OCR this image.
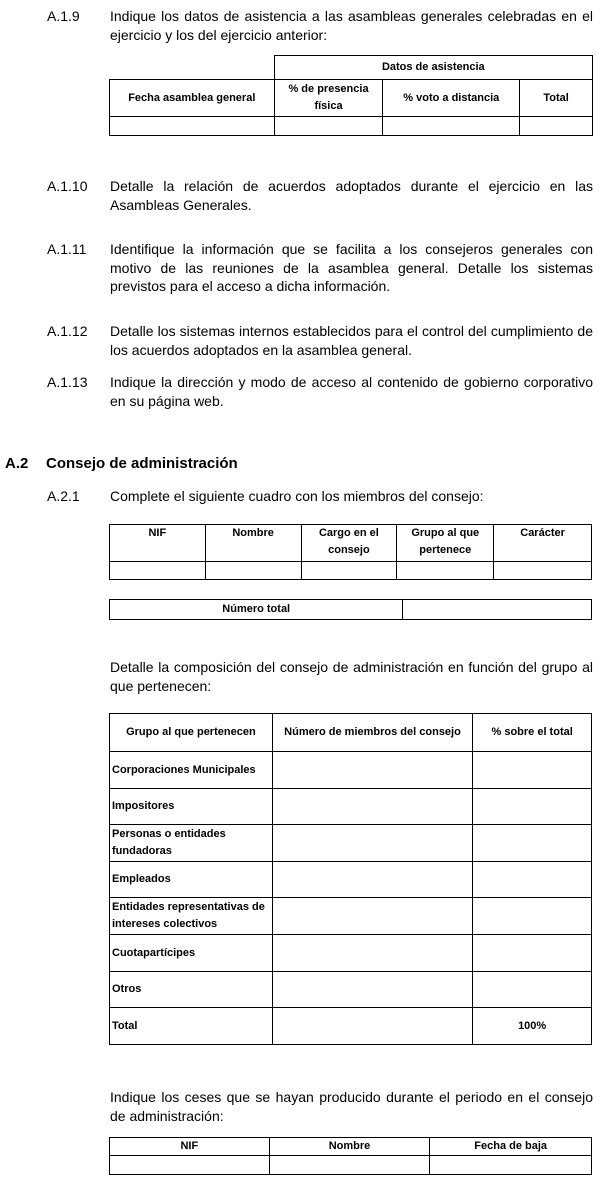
A.1.9 Indique los datos de asistencia a las asambleas generales celebradas en el ejercicio y los del ejercicio anterior:
	Datos de asistencia		
Fecha asamblea general	% de presencia física	% voto a distancia	Total

A.1.10 Detalle la relación de acuerdos adoptados durante el ejercicio en las Asambleas Generales.
A.1.11 Identifique la información que se facilita a los consejeros generales con motivo de las reuniones de la asamblea general. Detalle los sistemas previstos para el acceso a dicha información.
A.1.12 Detalle los sistemas internos establecidos para el control del cumplimiento de los acuerdos adoptados en la asamblea general.
A.1.13 Indique la dirección y modo de acceso al contenido de gobierno corporativo en su página web.
A.2 Consejo de administración
A.2.1 Complete el siguiente cuadro con los miembros del consejo:
NIF	Nombre	Cargo en el consejo	Grupo al que pertenece	Carácter

Número total	
Detalle la composición del consejo de administración en función del grupo al que pertenecen:
Grupo al que pertenecen	Número de miembros del consejo	% sobre el total
Corporaciones Municipales		
Impositores		
Personas o entidades fundadoras		
Empleados		
Entidades representativas de intereses colectivos		
Cuotapartícipes		
Otros		
Total		100%
Indique los ceses que se hayan producido durante el periodo en el consejo de administración:
NIF	Nombre	Fecha de baja
